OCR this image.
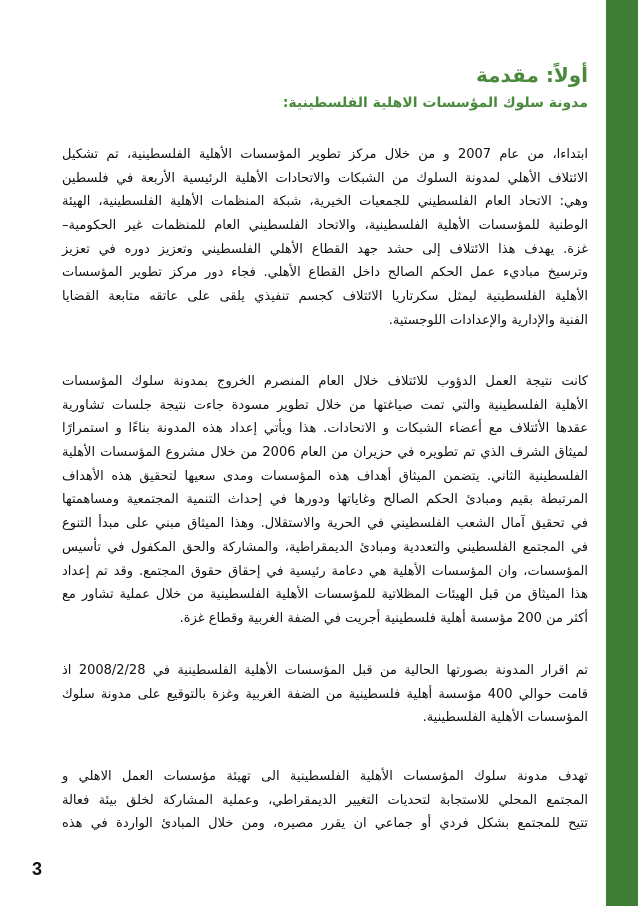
أولاً: مقدمة
مدونة سلوك المؤسسات الاهلية الفلسطينية:
ابتداءا، من عام 2007 و من خلال مركز تطوير المؤسسات الأهلية الفلسطينية، تم تشكيل
الائتلاف الأهلي لمدونة السلوك من الشبكات والاتحادات الأهلية الرئيسية الأربعة في فلسطين
وهي: الاتحاد العام الفلسطيني للجمعيات الخيرية، شبكة المنظمات الأهلية الفلسطينية، الهيئة
الوطنية للمؤسسات الأهلية الفلسطينية، والاتحاد الفلسطيني العام للمنظمات غير الحكومية–
غزة. يهدف هذا الائتلاف إلى حشد جهد القطاع الأهلي الفلسطيني وتعزيز دوره في تعزيز
وترسيخ مباديء عمل الحكم الصالح داخل القطاع الأهلي. فجاء دور مركز تطوير المؤسسات
الأهلية الفلسطينية ليمثل سكرتاريا الائتلاف كجسم تنفيذي يلقى على عاتقه متابعة القضايا
الفنية والإدارية والإعدادات اللوجستية.
كانت نتيجة العمل الدؤوب للائتلاف خلال العام المنصرم الخروج بمدونة سلوك المؤسسات
الأهلية الفلسطينية والتي تمت صياغتها من خلال تطوير مسودة جاءت نتيجة جلسات تشاورية
عقدها الأئتلاف مع أعضاء الشبكات و الاتحادات. هذا ويأتي إعداد هذه المدونة بناءًا و استمرارًا
لميثاق الشرف الذي تم تطويره في حزيران من العام 2006 من خلال مشروع المؤسسات الأهلية
الفلسطينية الثاني. يتضمن الميثاق أهداف هذه المؤسسات ومدى سعيها لتحقيق هذه الأهداف
المرتبطة بقيم ومبادئ الحكم الصالح وغاياتها ودورها في إحداث التنمية المجتمعية ومساهمتها
في تحقيق آمال الشعب الفلسطيني في الحرية والاستقلال. وهذا الميثاق مبني على مبدأ التنوع
في المجتمع الفلسطيني والتعددية ومبادئ الديمقراطية، والمشاركة والحق المكفول في تأسيس
المؤسسات، وان المؤسسات الأهلية هي دعامة رئيسية في إحقاق حقوق المجتمع. وقد تم إعداد
هذا الميثاق من قبل الهيئات المظلاتية للمؤسسات الأهلية الفلسطينية من خلال عملية تشاور مع
أكثر من 200 مؤسسة أهلية فلسطينية أجريت في الضفة الغربية وقطاع غزة.
تم اقرار المدونة بصورتها الحالية من قبل المؤسسات الأهلية الفلسطينية في 2008/2/28 اذ
قامت حوالي 400 مؤسسة أهلية فلسطينية من الضفة الغربية وغزة بالتوقيع على مدونة سلوك
المؤسسات الأهلية الفلسطينية.
تهدف مدونة سلوك المؤسسات الأهلية الفلسطينية الى تهيئة مؤسسات العمل الاهلي و
المجتمع المحلي للاستجابة لتحديات التغيير الديمقراطي، وعملية المشاركة لخلق بيئة فعالة
تتيح للمجتمع بشكل فردي أو جماعي ان يقرر مصيره، ومن خلال المبادئ الواردة في هذه
3
